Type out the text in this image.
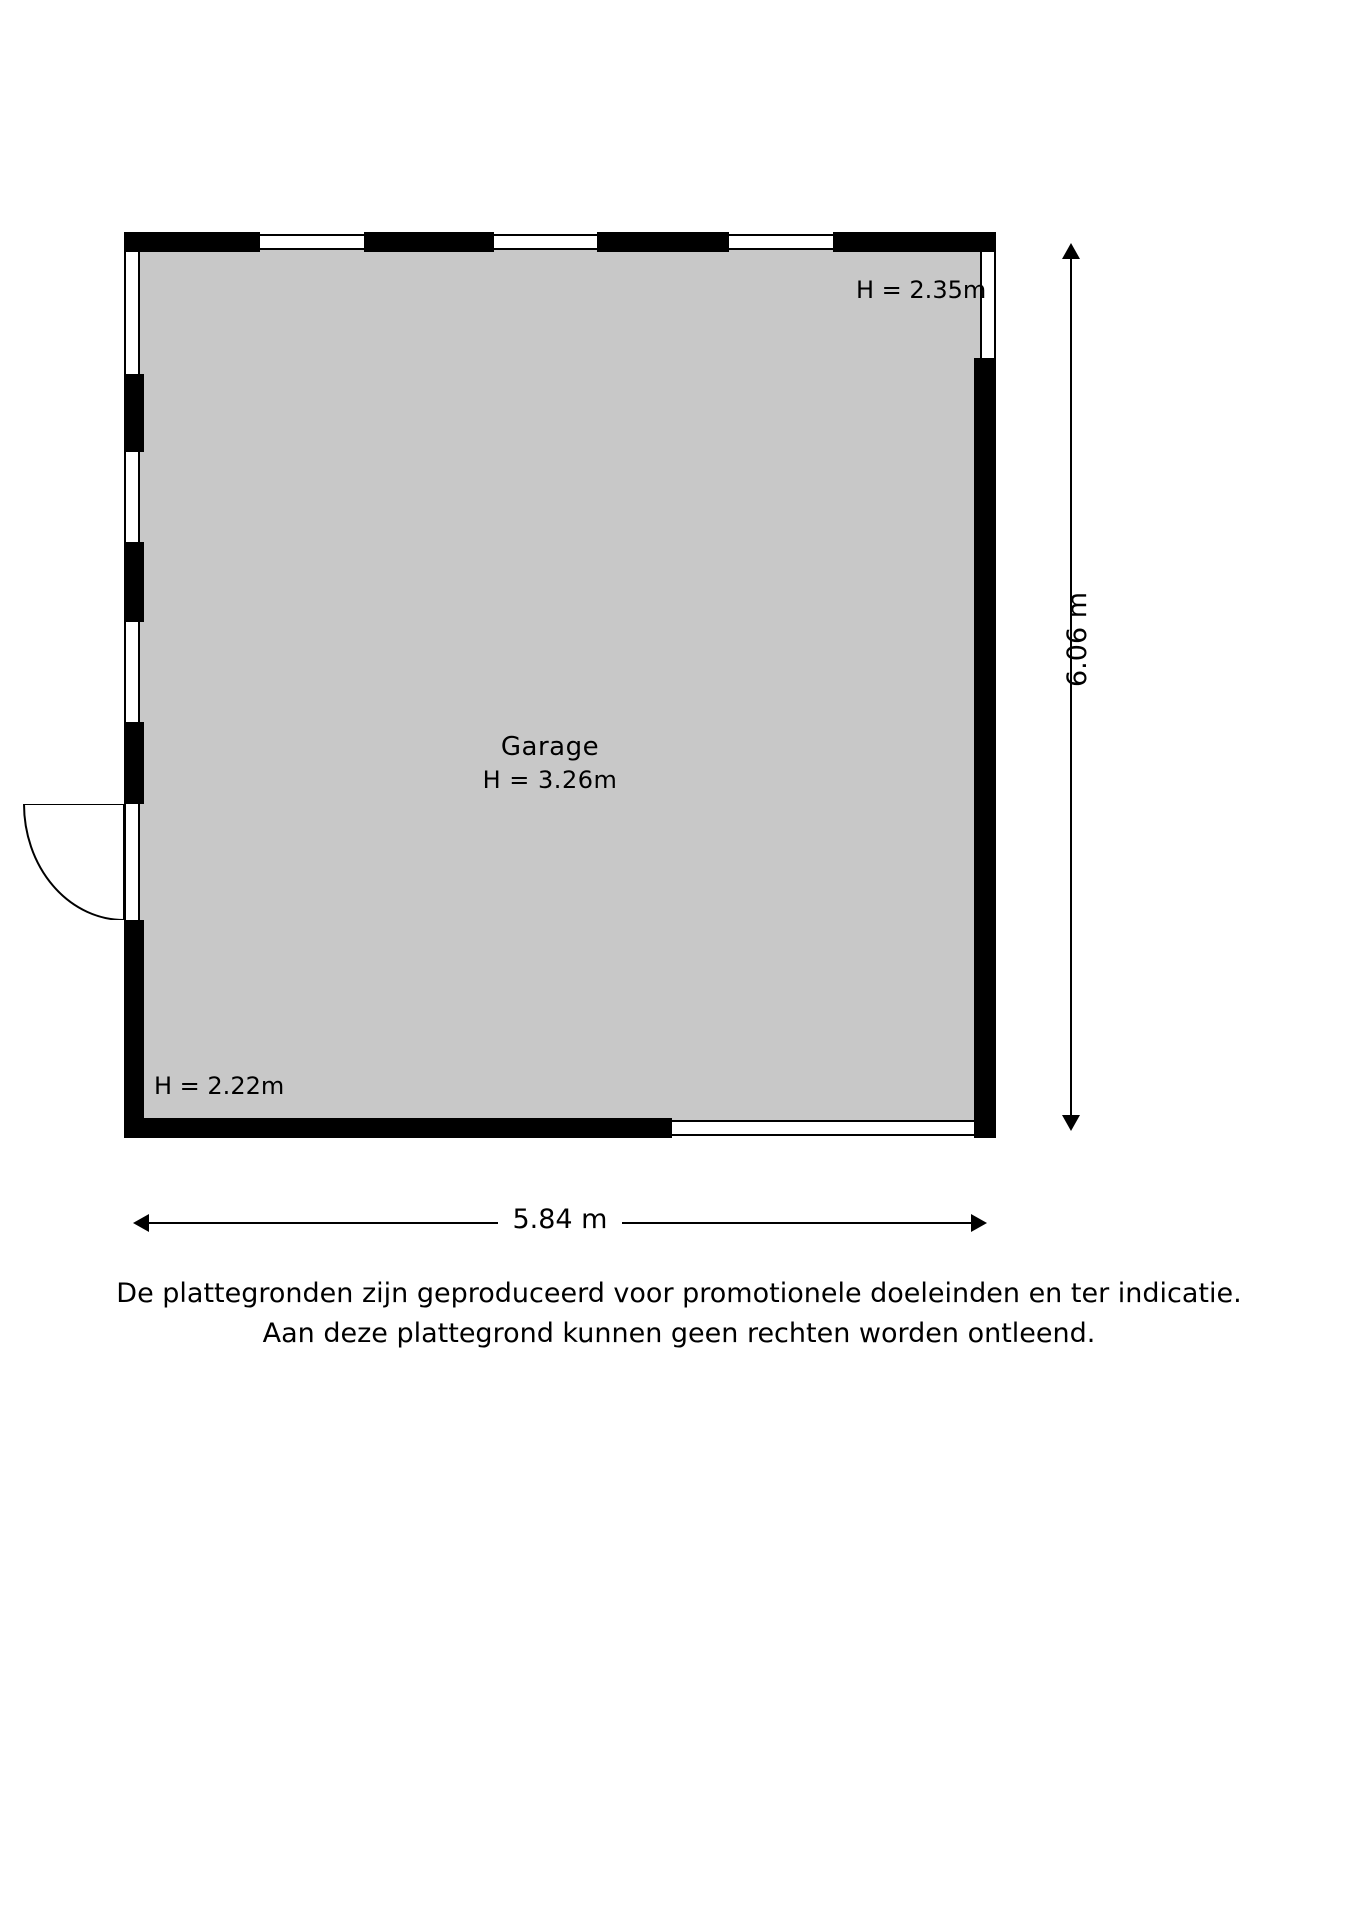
Garage
H = 3.26m
H = 2.35m
H = 2.22m
6.06 m
5.84 m
De plattegronden zijn geproduceerd voor promotionele doeleinden en ter indicatie.
Aan deze plattegrond kunnen geen rechten worden ontleend.
